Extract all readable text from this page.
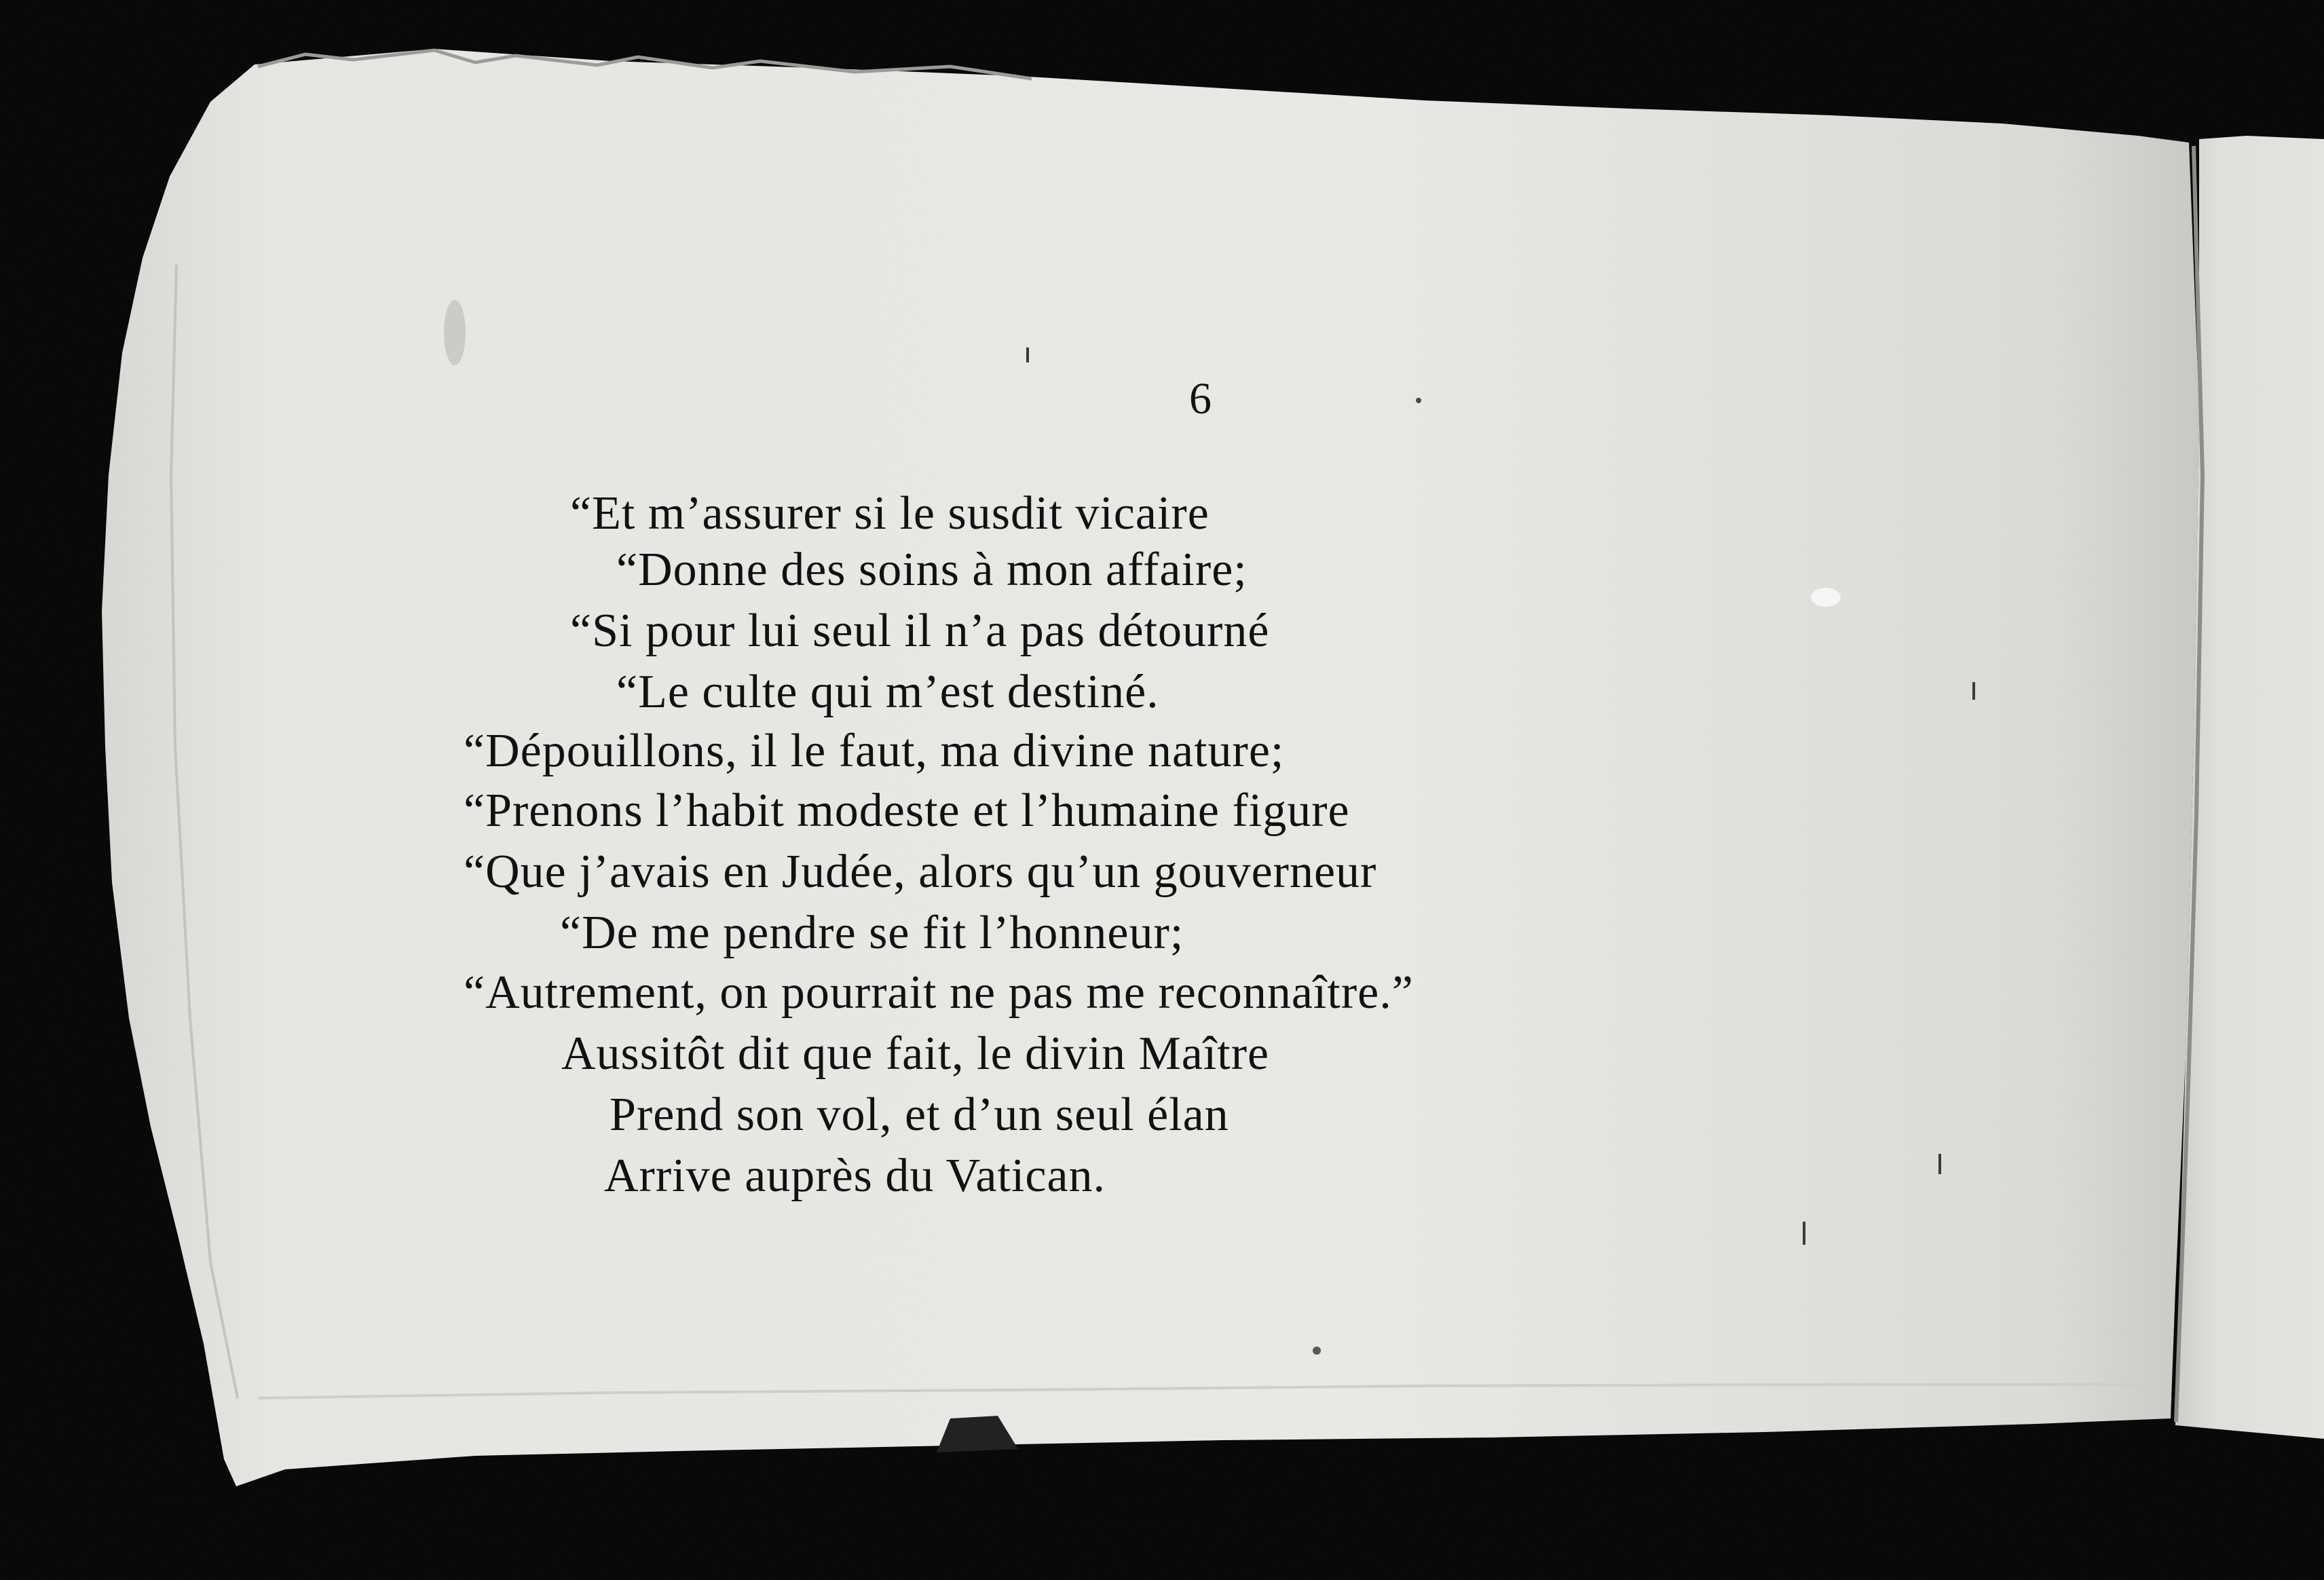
6
“Et m’assurer si le susdit vicaire
“Donne des soins à mon affaire;
“Si pour lui seul il n’a pas détourné
“Le culte qui m’est destiné.
“Dépouillons, il le faut, ma divine nature;
“Prenons l’habit modeste et l’humaine figure
“Que j’avais en Judée, alors qu’un gouverneur
“De me pendre se fit l’honneur;
“Autrement, on pourrait ne pas me reconnaître.”
Aussitôt dit que fait, le divin Maître
Prend son vol, et d’un seul élan
Arrive auprès du Vatican.
